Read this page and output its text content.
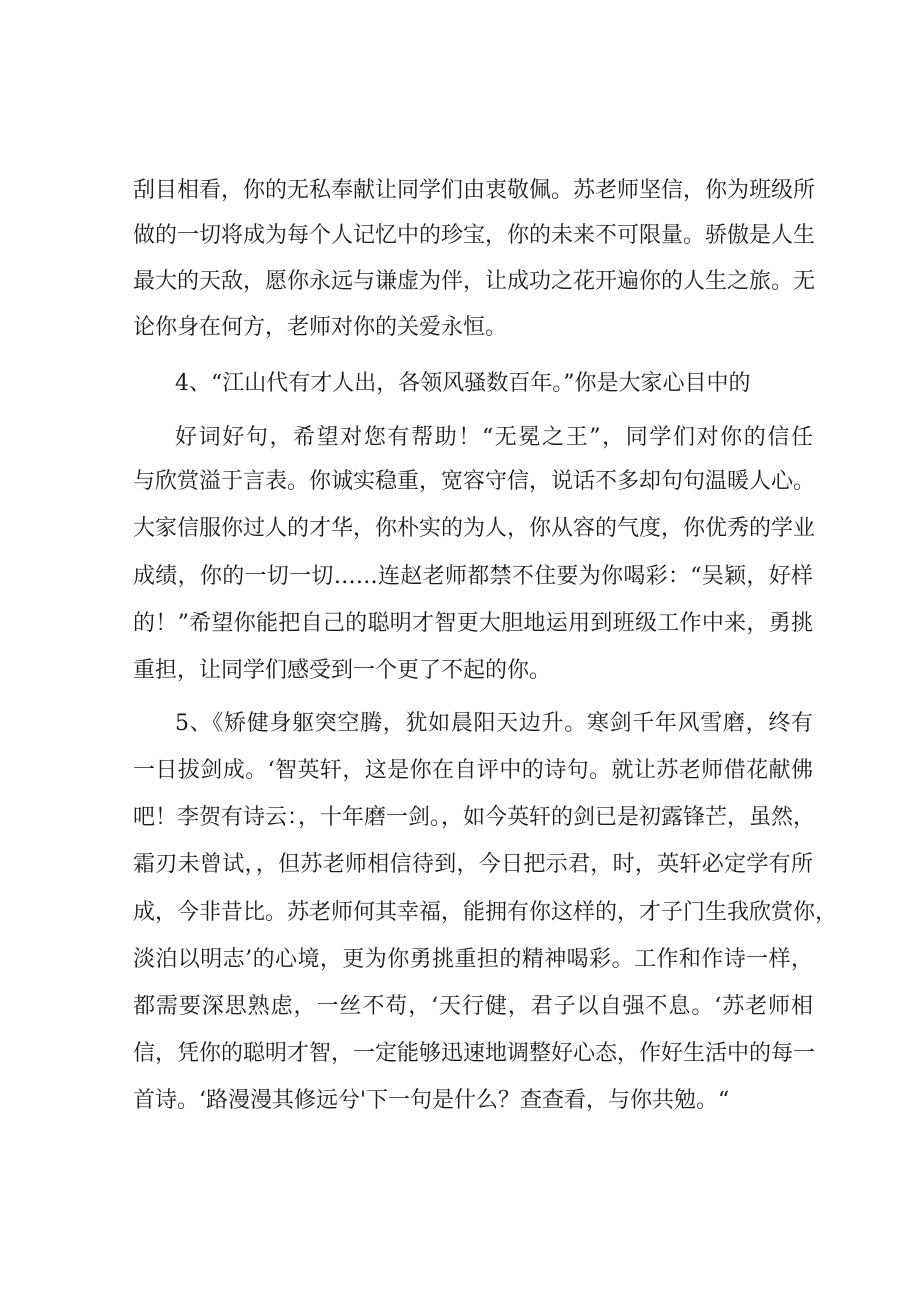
刮目相看，你的无私奉献让同学们由衷敬佩。苏老师坚信，你为班级所

做的一切将成为每个人记忆中的珍宝，你的未来不可限量。骄傲是人生

最大的天敌，愿你永远与谦虚为伴，让成功之花开遍你的人生之旅。无

论你身在何方，老师对你的关爱永恒。

4、“江山代有才人出，各领风骚数百年。”你是大家心目中的

好词好句，希望对您有帮助！“无冕之王”，同学们对你的信任

与欣赏溢于言表。你诚实稳重，宽容守信，说话不多却句句温暖人心。

大家信服你过人的才华，你朴实的为人，你从容的气度，你优秀的学业

成绩，你的一切一切……连赵老师都禁不住要为你喝彩：“吴颖，好样

的！”希望你能把自己的聪明才智更大胆地运用到班级工作中来，勇挑

重担，让同学们感受到一个更了不起的你。

5、《矫健身躯突空腾，犹如晨阳天边升。寒剑千年风雪磨，终有

一日拔剑成。‘智英轩，这是你在自评中的诗句。就让苏老师借花献佛

吧！李贺有诗云：，十年磨一剑。，如今英轩的剑已是初露锋芒，虽然，

霜刃未曾试，，但苏老师相信待到，今日把示君，时，英轩必定学有所

成，今非昔比。苏老师何其幸福，能拥有你这样的，才子门生我欣赏你，

淡泊以明志’的心境，更为你勇挑重担的精神喝彩。工作和作诗一样，

都需要深思熟虑，一丝不苟，‘天行健，君子以自强不息。‘苏老师相

信，凭你的聪明才智，一定能够迅速地调整好心态，作好生活中的每一

首诗。‘路漫漫其修远兮'下一句是什么？查查看，与你共勉。“
